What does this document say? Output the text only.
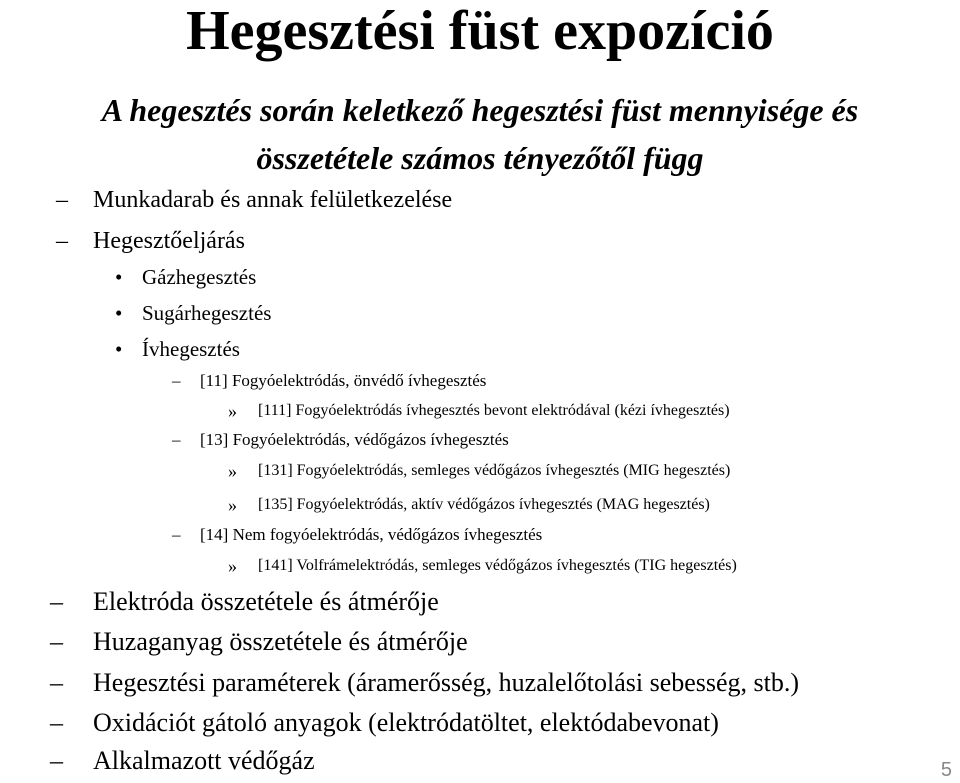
Hegesztési füst expozíció
A hegesztés során keletkező hegesztési füst mennyisége és
összetétele számos tényezőtől függ
– Munkadarab és annak felületkezelése
– Hegesztőeljárás
• Gázhegesztés
• Sugárhegesztés
• Ívhegesztés
– [11] Fogyóelektródás, önvédő ívhegesztés
» [111] Fogyóelektródás ívhegesztés bevont elektródával (kézi ívhegesztés)
– [13] Fogyóelektródás, védőgázos ívhegesztés
» [131] Fogyóelektródás, semleges védőgázos ívhegesztés (MIG hegesztés)
» [135] Fogyóelektródás, aktív védőgázos ívhegesztés (MAG hegesztés)
– [14] Nem fogyóelektródás, védőgázos ívhegesztés
» [141] Volfrámelektródás, semleges védőgázos ívhegesztés (TIG hegesztés)
– Elektróda összetétele és átmérője
– Huzaganyag összetétele és átmérője
– Hegesztési paraméterek (áramerősség, huzalelőtolási sebesség, stb.)
– Oxidációt gátoló anyagok (elektródatöltet, elektódabevonat)
– Alkalmazott védőgáz	5
